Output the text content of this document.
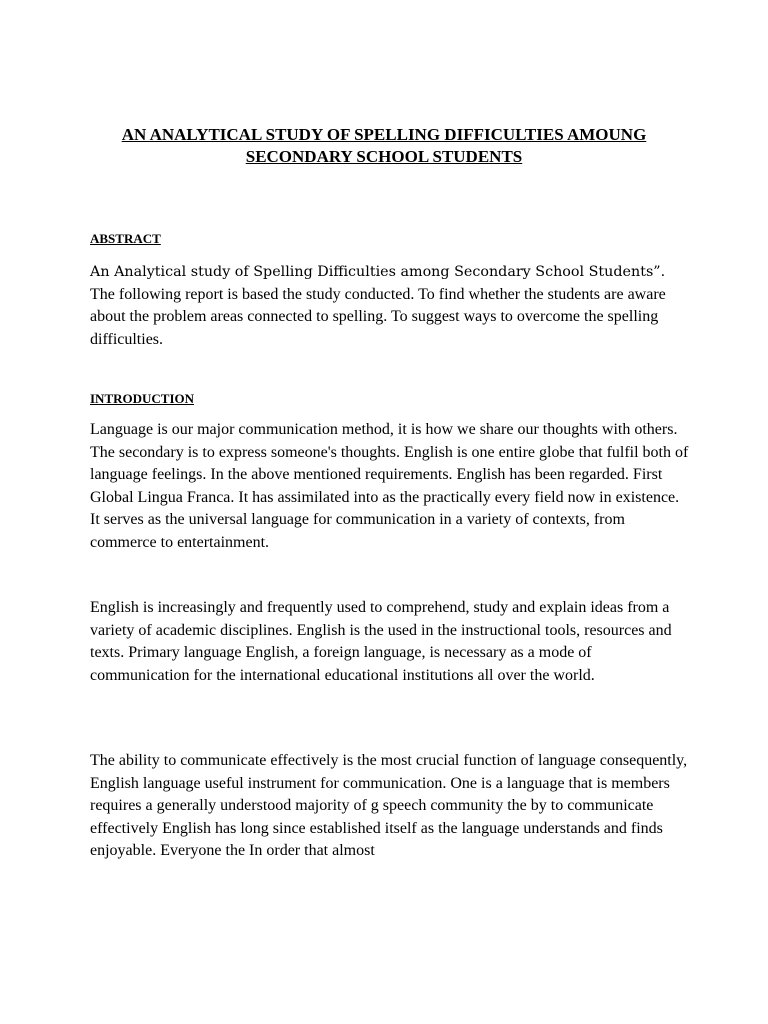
AN ANALYTICAL STUDY OF SPELLING DIFFICULTIES AMOUNG
SECONDARY SCHOOL STUDENTS
ABSTRACT

An Analytical study of Spelling Difficulties among Secondary School Students”. The following report is based the study conducted. To find whether the students are aware about the problem areas connected to spelling. To suggest ways to overcome the spelling difficulties.

INTRODUCTION

Language is our major communication method, it is how we share our thoughts with others. The secondary is to express someone's thoughts. English is one entire globe that fulfil both of language feelings. In the above mentioned requirements. English has been regarded. First Global Lingua Franca. It has assimilated into as the practically every field now in existence. It serves as the universal language for communication in a variety of contexts, from commerce to entertainment.

English is increasingly and frequently used to comprehend, study and explain ideas from a variety of academic disciplines. English is the used in the instructional tools, resources and texts. Primary language English, a foreign language, is necessary as a mode of communication for the international educational institutions all over the world.

The ability to communicate effectively is the most crucial function of language consequently, English language useful instrument for communication. One is a language that is members requires a generally understood majority of g speech community the by to communicate effectively English has long since established itself as the language understands and finds enjoyable. Everyone the In order that almost
